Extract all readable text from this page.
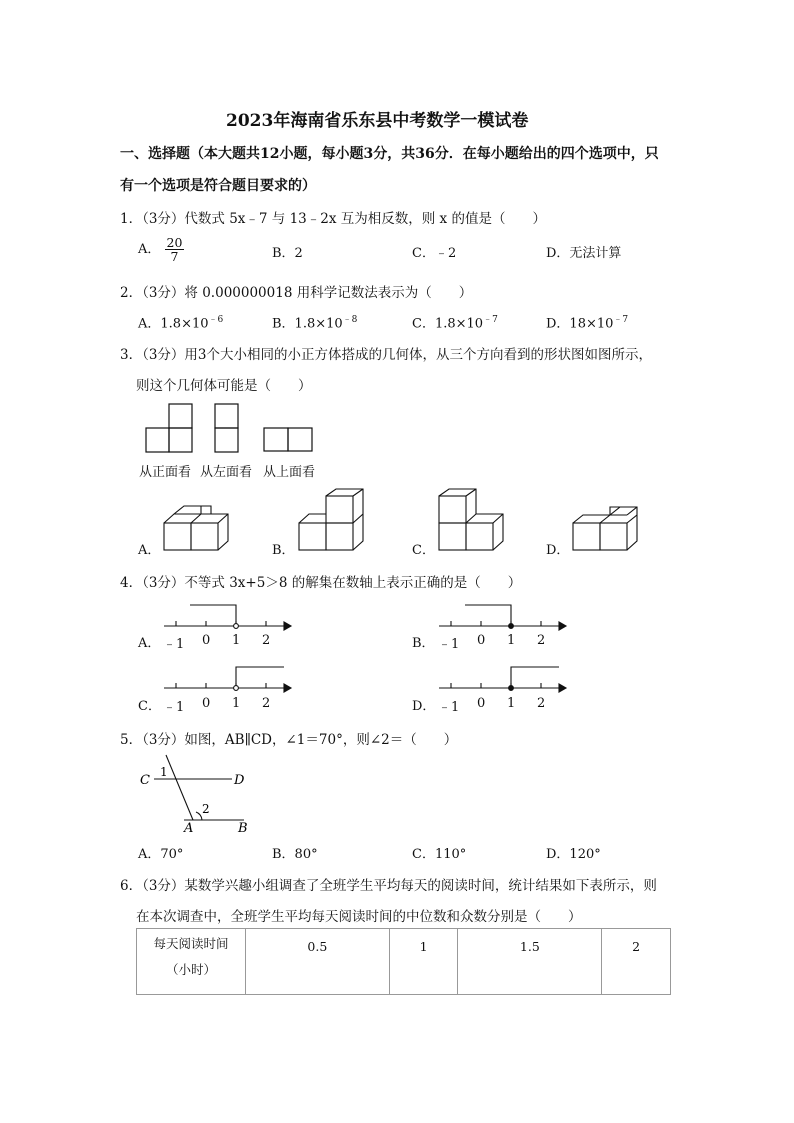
2023年海南省乐东县中考数学一模试卷
一、选择题（本大题共12小题，每小题3分，共36分．在每小题给出的四个选项中，只
有一个选项是符合题目要求的）
1．（3分）代数式 5x﹣7 与 13﹣2x 互为相反数，则 x 的值是（　　）
A． $\frac{20}{7}$	B．2	C．﹣2	D．无法计算
2．（3分）将 0.000000018 用科学记数法表示为（　　）
A．$1.8\times 10^{﹣6}$	B．$1.8\times 10^{﹣8}$	C．$1.8\times 10^{﹣7}$	D．$18\times 10^{﹣7}$
3．（3分）用3个大小相同的小正方体搭成的几何体，从三个方向看到的形状图如图所示，
则这个几何体可能是（　　）
从正面看 从左面看 从上面看
A．	B．	C．	D．
4．（3分）不等式 3x+5＞8 的解集在数轴上表示正确的是（　　）
A． ﹣1 0 1 2	B． ﹣1 0 1 2
C． ﹣1 0 1 2	D． ﹣1 0 1 2
5．（3分）如图，AB∥CD，∠1＝70°，则∠2＝（　　）
C	D
A	B
1
2
A．70°	B．80°	C．110°	D．120°
6．（3分）某数学兴趣小组调查了全班学生平均每天的阅读时间，统计结果如下表所示，则
在本次调查中，全班学生平均每天阅读时间的中位数和众数分别是（　　）
每天阅读时间
（小时）
	0.5	1	1.5	2
